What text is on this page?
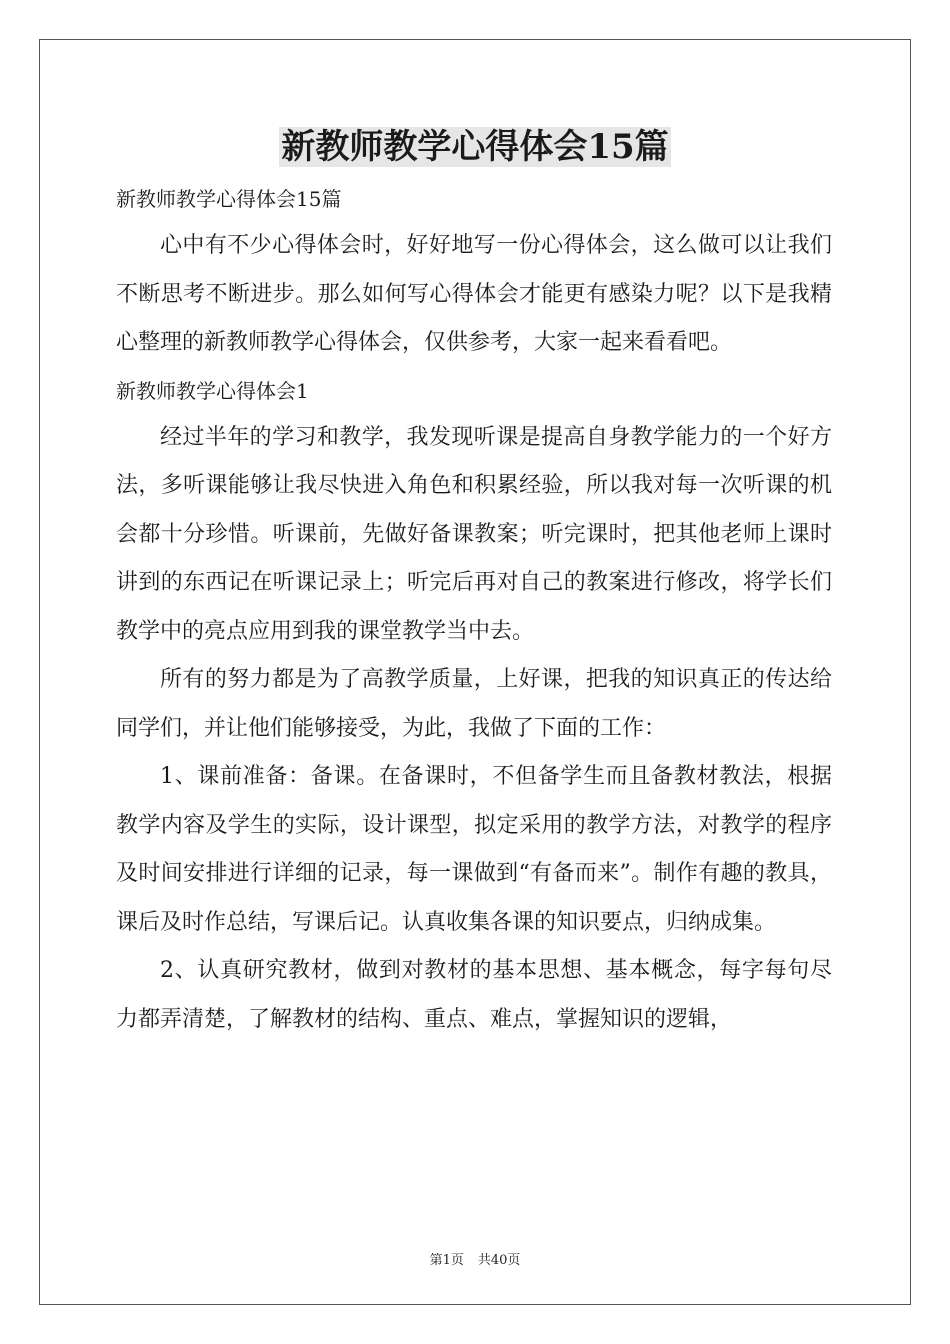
新教师教学心得体会15篇

新教师教学心得体会15篇

心中有不少心得体会时，好好地写一份心得体会，这么做可以让我们不断思考不断进步。那么如何写心得体会才能更有感染力呢？以下是我精心整理的新教师教学心得体会，仅供参考，大家一起来看看吧。

新教师教学心得体会1

经过半年的学习和教学，我发现听课是提高自身教学能力的一个好方法，多听课能够让我尽快进入角色和积累经验，所以我对每一次听课的机会都十分珍惜。听课前，先做好备课教案；听完课时，把其他老师上课时讲到的东西记在听课记录上；听完后再对自己的教案进行修改，将学长们教学中的亮点应用到我的课堂教学当中去。

所有的努力都是为了高教学质量，上好课，把我的知识真正的传达给同学们，并让他们能够接受，为此，我做了下面的工作：

1、课前准备：备课。在备课时，不但备学生而且备教材教法，根据教学内容及学生的实际，设计课型，拟定采用的教学方法，对教学的程序及时间安排进行详细的记录，每一课做到“有备而来”。制作有趣的教具，课后及时作总结，写课后记。认真收集各课的知识要点，归纳成集。

2、认真研究教材，做到对教材的基本思想、基本概念，每字每句尽力都弄清楚，了解教材的结构、重点、难点，掌握知识的逻辑，

第1页 共40页
